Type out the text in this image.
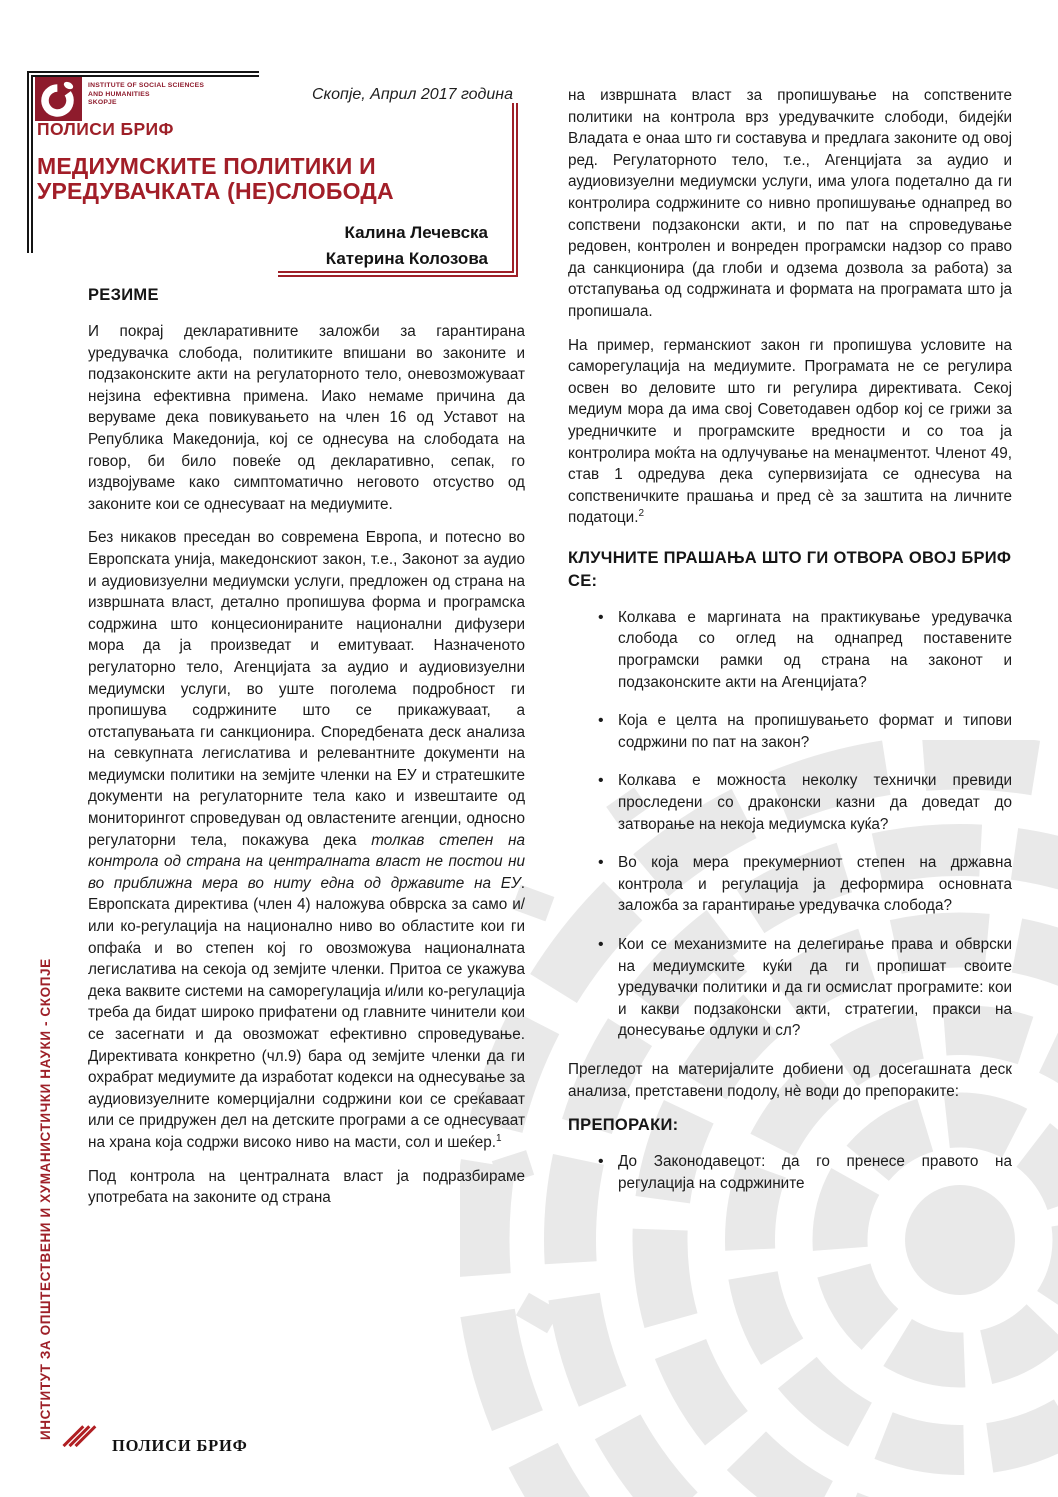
INSTITUTE OF SOCIAL SCIENCES
AND HUMANITIES
SKOPJE	Скопје, Април 2017 година
ПОЛИСИ БРИФ
МЕДИУМСКИТЕ ПОЛИТИКИ И
УРЕДУВАЧКАТА (НЕ)СЛОБОДА
Калина Лечевска
Катерина Колозова
РЕЗИМЕ

И покрај декларативните заложби за гарантирана уредувачка слобода, политиките впишани во законите и подзаконските акти на регулаторното тело, оневозможуваат нејзина ефективна примена. Иако немаме причина да веруваме дека повикувањето на член 16 од Уставот на Република Македонија, кој се однесува на слободата на говор, би било повеќе од декларативно, сепак, го издвојуваме како симптоматично неговото отсуство од законите кои се однесуваат на медиумите.

Без никаков преседан во современа Европа, и потесно во Европската унија, македонскиот закон, т.е., Законот за аудио и аудиовизуелни медиумски услуги, предложен од страна на извршната власт, детално пропишува форма и програмска содржина што концесионираните национални дифузери мора да ја произведат и емитуваат. Назначеното регулаторно тело, Агенцијата за аудио и аудиовизуелни медиумски услуги, во уште поголема подробност ги пропишува содржините што се прикажуваат, а отстапувањата ги санкционира. Споредбената деск анализа на севкупната легислатива и релевантните документи на медиумски политики на земјите членки на ЕУ и стратешките документи на регулаторните тела како и извештаите од мониторингот спроведуван од овластените агенции, односно регулаторни тела, покажува дека толкав степен на контрола од страна на централната власт не постои ни во приближна мера во ниту една од државите на ЕУ. Европската директива (член 4) наложува обврска за само и/или ко-регулација на национално ниво во областите кои ги опфаќа и во степен кој го овозможува националната легислатива на секоја од земјите членки. Притоа се укажува дека ваквите системи на саморегулација и/или ко-регулација треба да бидат широко прифатени од главните чинители кои се засегнати и да овозможат ефективно спроведување. Директивата конкретно (чл.9) бара од земјите членки да ги охрабрат медиумите да изработат кодекси на однесување за аудиовизуелните комерцијални содржини кои се среќаваат или се придружен дел на детските програми а се однесуваат на храна која содржи високо ниво на масти, сол и шеќер.$^1$

Под контрола на централната власт ја подразбираме употребата на законите од страна

на извршната власт за пропишување на сопствените политики на контрола врз уредувачките слободи, бидејќи Владата е онаа што ги составува и предлага законите од овој ред. Регулаторното тело, т.е., Агенцијата за аудио и аудиовизуелни медиумски услуги, има улога подетално да ги контролира содржините со нивно пропишување однапред во сопствени подзаконски акти, и по пат на спроведување редовен, контролен и вонреден програмски надзор со право да санкционира (да глоби и одзема дозвола за работа) за отстапувања од содржината и формата на програмата што ја пропишала.

На пример, германскиот закон ги пропишува условите на саморегулација на медиумите. Програмата не се регулира освен во деловите што ги регулира директивата. Секој медиум мора да има свој Советодавен одбор кој се грижи за уредничките и програмските вредности и со тоа ја контролира моќта на одлучување на менаџментот. Членот 49, став 1 одредува дека супервизијата се однесува на сопственичките прашања и пред сè за заштита на личните податоци.$^2$

КЛУЧНИТЕ ПРАШАЊА ШТО ГИ ОТВОРА ОВОЈ БРИФ СЕ:
• Колкава е маргината на практикување уредувачка слобода со оглед на однапред поставените програмски рамки од страна на законот и подзаконските акти на Агенцијата?
• Која е целта на пропишувањето формат и типови содржини по пат на закон?
• Колкава е можноста неколку технички превиди проследени со драконски казни да доведат до затворање на некоја медиумска куќа?
• Во која мера прекумерниот степен на државна контрола и регулација ја деформира основната заложба за гарантирање уредувачка слобода?
• Кои се механизмите на делегирање права и обврски на медиумските куќи да ги пропишат своите уредувачки политики и да ги осмислат програмите: кои и какви подзаконски акти, стратегии, пракси на донесување одлуки и сл?

Прегледот на материјалите добиени од досегашната деск анализа, претставени подолу, нè води до препораките:

ПРЕПОРАКИ:
• До Законодавецот: да го пренесе правото на регулација на содржините
ИНСТИТУТ ЗА ОПШТЕСТВЕНИ И ХУМАНИСТИЧКИ НАУКИ - СКОПЈЕ
ПОЛИСИ БРИФ
